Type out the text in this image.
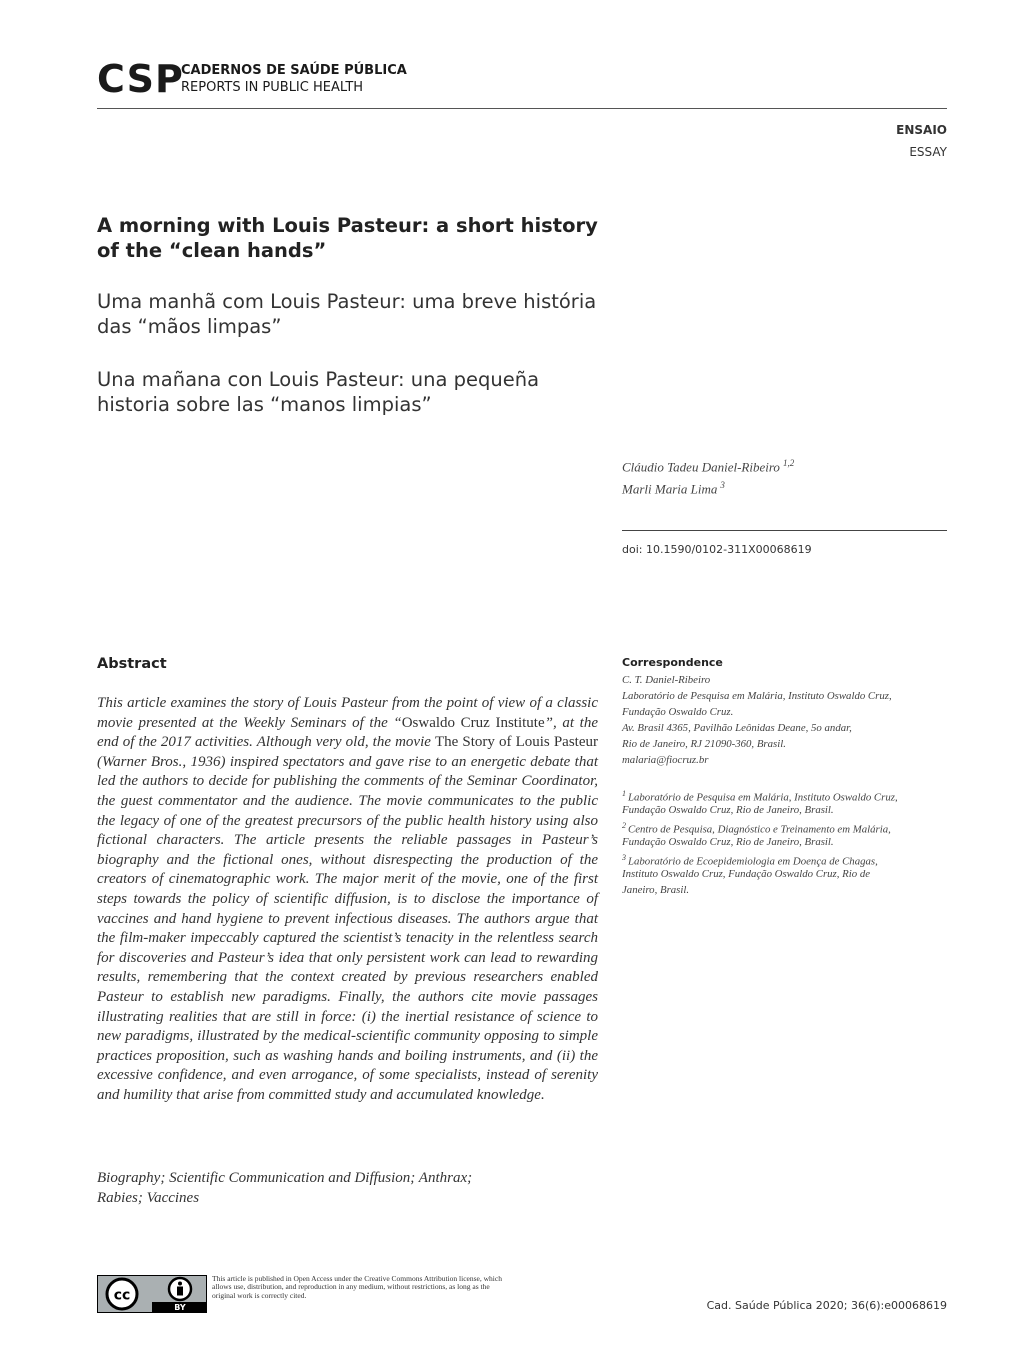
CSP
CADERNOS DE SAÚDE PÚBLICA
REPORTS IN PUBLIC HEALTH
ENSAIO
ESSAY
A morning with Louis Pasteur: a short history of the “clean hands”
Uma manhã com Louis Pasteur: uma breve história das “mãos limpas”
Una mañana con Louis Pasteur: una pequeña historia sobre las “manos limpias”
Cláudio Tadeu Daniel-Ribeiro $^{1,2}$
Marli Maria Lima $^3$
doi: 10.1590/0102-311X00068619
Abstract

This article examines the story of Louis Pasteur from the point of view of a classic movie presented at the Weekly Seminars of the “Oswaldo Cruz Institute”, at the end of the 2017 activities. Although very old, the movie The Story of Louis Pasteur (Warner Bros., 1936) inspired spectators and gave rise to an energetic debate that led the authors to decide for publishing the comments of the Seminar Coordinator, the guest commentator and the audience. The movie communicates to the public the legacy of one of the greatest precursors of the public health history using also fictional characters. The article presents the reliable passages in Pasteur’s biography and the fictional ones, without disrespecting the production of the creators of cinematographic work. The major merit of the movie, one of the first steps towards the policy of scientific diffusion, is to disclose the importance of vaccines and hand hygiene to prevent infectious diseases. The authors argue that the film-maker impeccably captured the scientist’s tenacity in the relentless search for discoveries and Pasteur’s idea that only persistent work can lead to rewarding results, remembering that the context created by previous researchers enabled Pasteur to establish new paradigms. Finally, the authors cite movie passages illustrating realities that are still in force: (i) the inertial resistance of science to new paradigms, illustrated by the medical-scientific community opposing to simple practices proposition, such as washing hands and boiling instruments, and (ii) the excessive confidence, and even arrogance, of some specialists, instead of serenity and humility that arise from committed study and accumulated knowledge.

Biography; Scientific Communication and Diffusion; Anthrax;
Rabies; Vaccines
Correspondence
C. T. Daniel-Ribeiro
Laboratório de Pesquisa em Malária, Instituto Oswaldo Cruz,
Fundação Oswaldo Cruz.
Av. Brasil 4365, Pavilhão Leônidas Deane, 5o andar,
Rio de Janeiro, RJ 21090-360, Brasil.
malaria@fiocruz.br
$^1$ Laboratório de Pesquisa em Malária, Instituto Oswaldo Cruz,
Fundação Oswaldo Cruz, Rio de Janeiro, Brasil.
$^2$ Centro de Pesquisa, Diagnóstico e Treinamento em Malária,
Fundação Oswaldo Cruz, Rio de Janeiro, Brasil.
$^3$ Laboratório de Ecoepidemiologia em Doença de Chagas,
Instituto Oswaldo Cruz, Fundação Oswaldo Cruz, Rio de
Janeiro, Brasil.
cc
BY
This article is published in Open Access under the Creative Commons Attribution license, which allows use, distribution, and reproduction in any medium, without restrictions, as long as the original work is correctly cited.
Cad. Saúde Pública 2020; 36(6):e00068619
